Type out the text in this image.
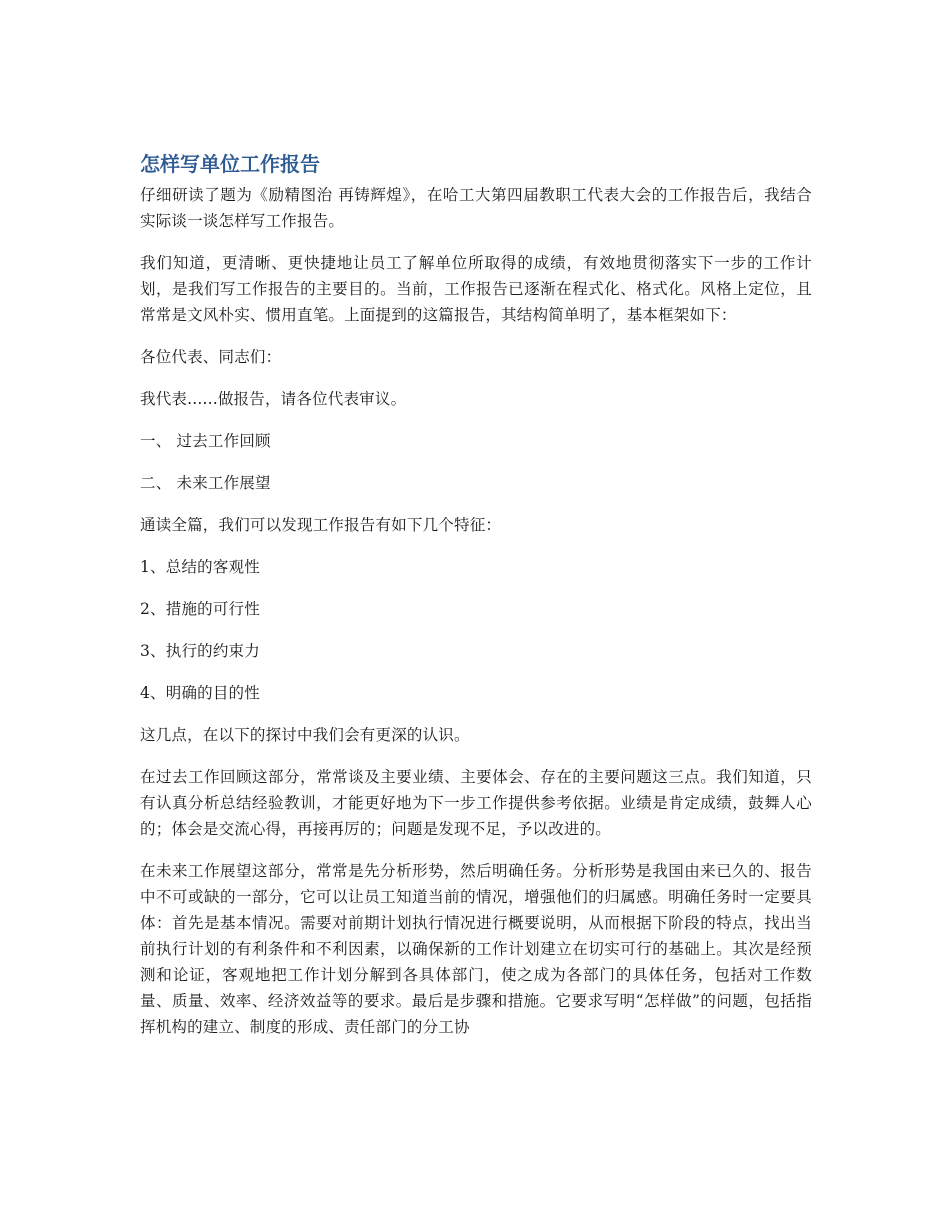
怎样写单位工作报告

仔细研读了题为《励精图治 再铸辉煌》，在哈工大第四届教职工代表大会的工作报告后，我结合实际谈一谈怎样写工作报告。

我们知道，更清晰、更快捷地让员工了解单位所取得的成绩，有效地贯彻落实下一步的工作计划，是我们写工作报告的主要目的。当前，工作报告已逐渐在程式化、格式化。风格上定位，且常常是文风朴实、惯用直笔。上面提到的这篇报告，其结构简单明了，基本框架如下：

各位代表、同志们：

我代表......做报告，请各位代表审议。

一、 过去工作回顾

二、 未来工作展望

通读全篇，我们可以发现工作报告有如下几个特征：

1、总结的客观性

2、措施的可行性

3、执行的约束力

4、明确的目的性

这几点，在以下的探讨中我们会有更深的认识。

在过去工作回顾这部分，常常谈及主要业绩、主要体会、存在的主要问题这三点。我们知道，只有认真分析总结经验教训，才能更好地为下一步工作提供参考依据。业绩是肯定成绩，鼓舞人心的；体会是交流心得，再接再厉的；问题是发现不足，予以改进的。

在未来工作展望这部分，常常是先分析形势，然后明确任务。分析形势是我国由来已久的、报告中不可或缺的一部分，它可以让员工知道当前的情况，增强他们的归属感。明确任务时一定要具体：首先是基本情况。需要对前期计划执行情况进行概要说明，从而根据下阶段的特点，找出当前执行计划的有利条件和不利因素，以确保新的工作计划建立在切实可行的基础上。其次是经预测和论证，客观地把工作计划分解到各具体部门，使之成为各部门的具体任务，包括对工作数量、质量、效率、经济效益等的要求。最后是步骤和措施。它要求写明“怎样做”的问题，包括指挥机构的建立、制度的形成、责任部门的分工协
